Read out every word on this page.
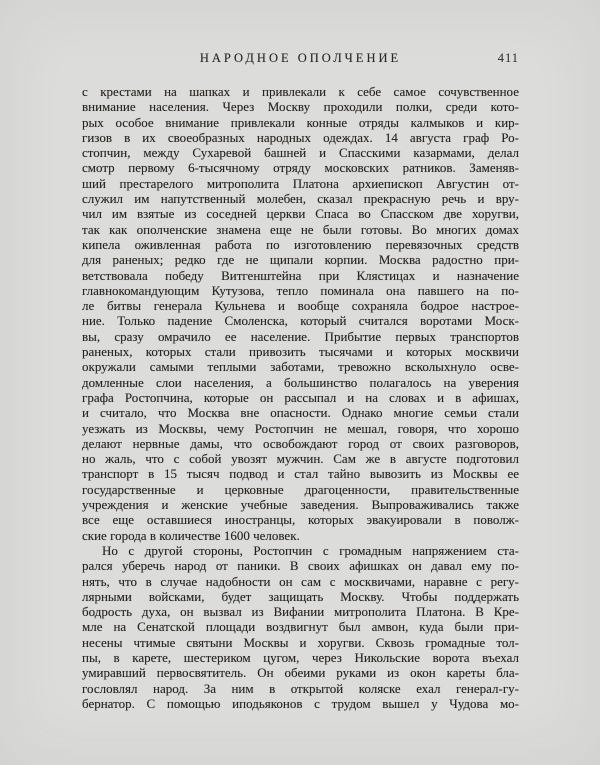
НАРОДНОЕ ОПОЛЧЕНИЕ	411
с крестами на шапках и привлекали к себе самое сочувственное
внимание населения. Через Москву проходили полки, среди кото-
рых особое внимание привлекали конные отряды калмыков и кир-
гизов в их своеобразных народных одеждах. 14 августа граф Ро-
стопчин, между Сухаревой башней и Спасскими казармами, делал
смотр первому 6-тысячному отряду московских ратников. Заменяв-
ший престарелого митрополита Платона архиепископ Августин от-
служил им напутственный молебен, сказал прекрасную речь и вру-
чил им взятые из соседней церкви Спаса во Спасском две хоругви,
так как ополченские знамена еще не были готовы. Во многих домах
кипела оживленная работа по изготовлению перевязочных средств
для раненых; редко где не щипали корпии. Москва радостно при-
ветствовала победу Витгенштейна при Клястицах и назначение
главнокомандующим Кутузова, тепло поминала она павшего на по-
ле битвы генерала Кульнева и вообще сохраняла бодрое настрое-
ние. Только падение Смоленска, который считался воротами Моск-
вы, сразу омрачило ее население. Прибытие первых транспортов
раненых, которых стали привозить тысячами и которых москвичи
окружали самыми теплыми заботами, тревожно всколыхнуло осве-
домленные слои населения, а большинство полагалось на уверения
графа Ростопчина, которые он рассыпал и на словах и в афишах,
и считало, что Москва вне опасности. Однако многие семьи стали
уезжать из Москвы, чему Ростопчин не мешал, говоря, что хорошо
делают нервные дамы, что освобождают город от своих разговоров,
но жаль, что с собой увозят мужчин. Сам же в августе подготовил
транспорт в 15 тысяч подвод и стал тайно вывозить из Москвы ее
государственные и церковные драгоценности, правительственные
учреждения и женские учебные заведения. Выпроваживались также
все еще оставшиеся иностранцы, которых эвакуировали в поволж-
ские города в количестве 1600 человек.
Но с другой стороны, Ростопчин с громадным напряжением ста-
рался уберечь народ от паники. В своих афишках он давал ему по-
нять, что в случае надобности он сам с москвичами, наравне с регу-
лярными войсками, будет защищать Москву. Чтобы поддержать
бодрость духа, он вызвал из Вифании митрополита Платона. В Кре-
мле на Сенатской площади воздвигнут был амвон, куда были при-
несены чтимые святыни Москвы и хоругви. Сквозь громадные тол-
пы, в карете, шестериком цугом, через Никольские ворота въехал
умиравший первосвятитель. Он обеими руками из окон кареты бла-
гословлял народ. За ним в открытой коляске ехал генерал-гу-
бернатор. С помощью иподьяконов с трудом вышел у Чудова мо-
